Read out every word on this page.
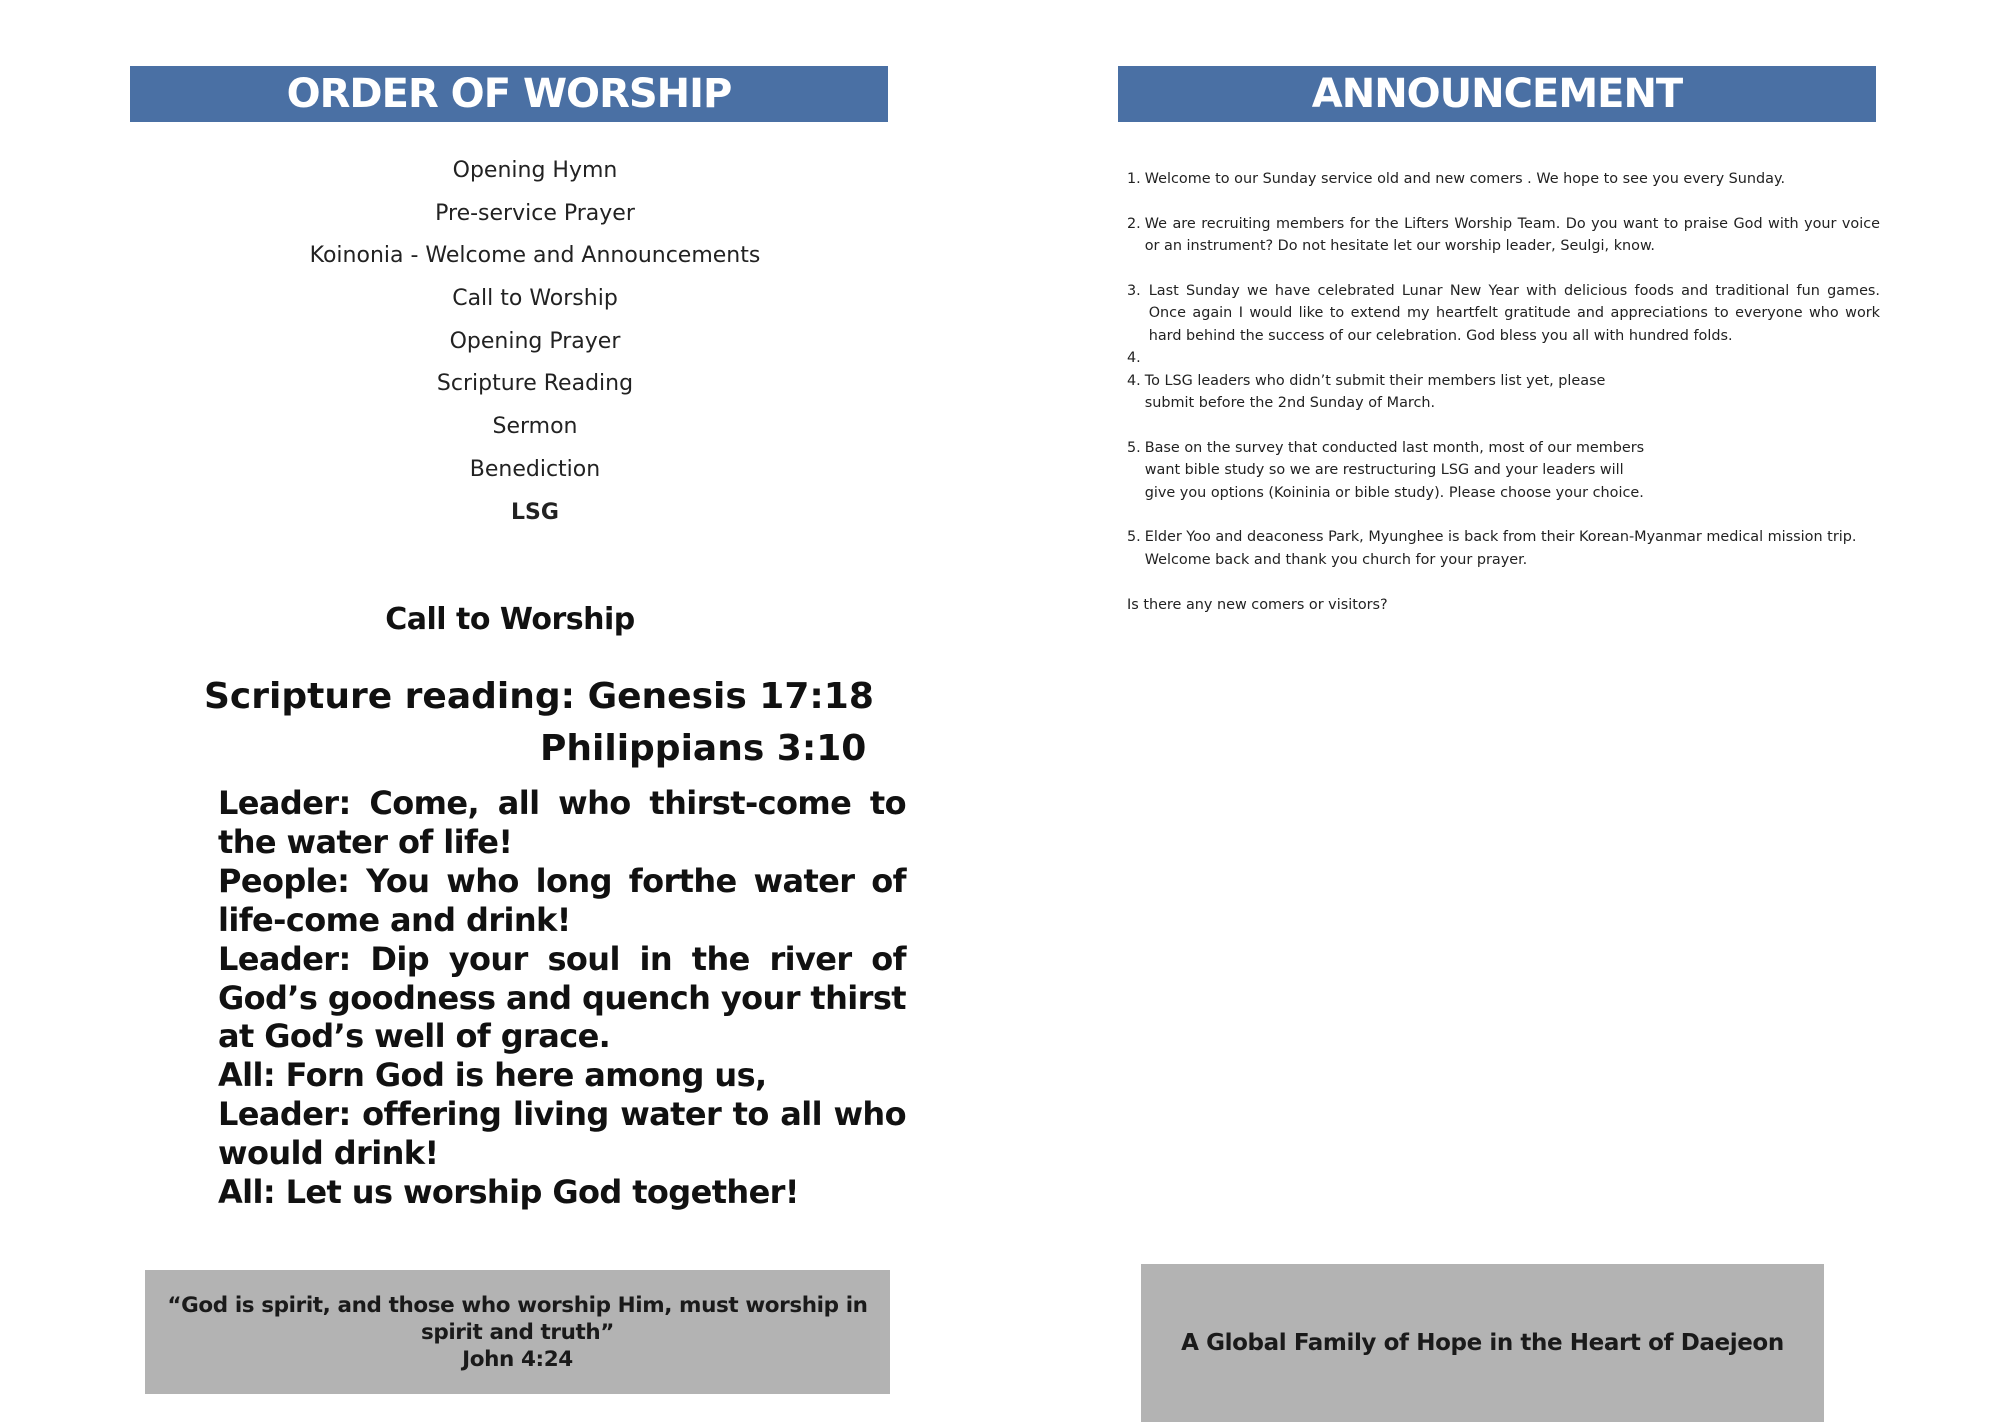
ORDER OF WORSHIP
Opening Hymn
Pre-service Prayer
Koinonia - Welcome and Announcements
Call to Worship
Opening Prayer
Scripture Reading
Sermon
Benediction
LSG
Call to Worship
Scripture reading: Genesis 17:18
Philippians 3:10

Leader: Come, all who thirst-come to the water of life!

People: You who long forthe water of life-come and drink!

Leader: Dip your soul in the river of God’s goodness and quench your thirst at God’s well of grace.

All: Forn God is here among us,

Leader: offering living water to all who would drink!

All: Let us worship God together!

“God is spirit, and those who worship Him, must worship in
spirit and truth”
John 4:24
ANNOUNCEMENT
1. Welcome to our Sunday service old and new comers . We hope to see you every Sunday.
2. We are recruiting members for the Lifters Worship Team. Do you want to praise God with your voice or an instrument? Do not hesitate let our worship leader, Seulgi, know.
3. Last Sunday we have celebrated Lunar New Year with delicious foods and traditional fun games. Once again I would like to extend my heartfelt gratitude and appreciations to everyone who work hard behind the success of our celebration. God bless you all with hundred folds.
4.
4. To LSG leaders who didn’t submit their members list yet, please
submit before the 2nd Sunday of March.
5. Base on the survey that conducted last month, most of our members
want bible study so we are restructuring LSG and your leaders will
give you options (Koininia or bible study). Please choose your choice.
5. Elder Yoo and deaconess Park, Myunghee is back from their Korean-Myanmar medical mission trip.
Welcome back and thank you church for your prayer.
Is there any new comers or visitors?
A Global Family of Hope in the Heart of Daejeon
